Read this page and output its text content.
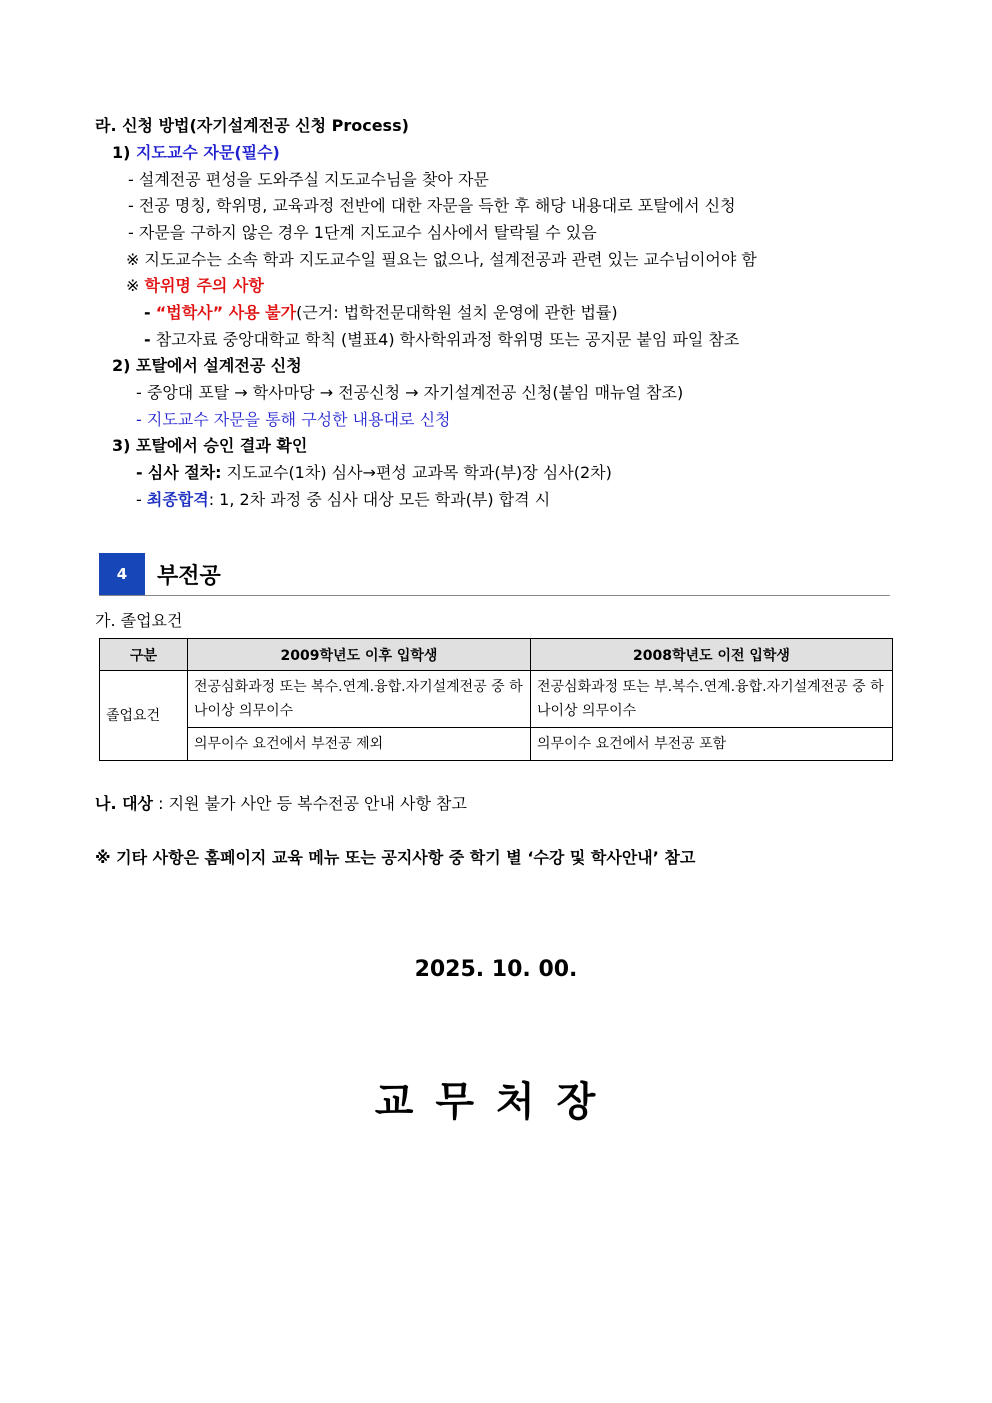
라. 신청 방법(자기설계전공 신청 Process)
1) 지도교수 자문(필수)
- 설계전공 편성을 도와주실 지도교수님을 찾아 자문
- 전공 명칭, 학위명, 교육과정 전반에 대한 자문을 득한 후 해당 내용대로 포탈에서 신청
- 자문을 구하지 않은 경우 1단계 지도교수 심사에서 탈락될 수 있음
※ 지도교수는 소속 학과 지도교수일 필요는 없으나, 설계전공과 관련 있는 교수님이어야 함
※ 학위명 주의 사항
- “법학사” 사용 불가(근거: 법학전문대학원 설치 운영에 관한 법률)
- 참고자료 중앙대학교 학칙 (별표4) 학사학위과정 학위명 또는 공지문 붙임 파일 참조
2) 포탈에서 설계전공 신청
- 중앙대 포탈 → 학사마당 → 전공신청 → 자기설계전공 신청(붙임 매뉴얼 참조)
- 지도교수 자문을 통해 구성한 내용대로 신청
3) 포탈에서 승인 결과 확인
- 심사 절차: 지도교수(1차) 심사→편성 교과목 학과(부)장 심사(2차)
- 최종합격: 1, 2차 과정 중 심사 대상 모든 학과(부) 합격 시
4	부전공
가. 졸업요건
구분	2009학년도 이후 입학생	2008학년도 이전 입학생
졸업요건	전공심화과정 또는 복수.연계.융합.자기설계전공 중 하나이상 의무이수	전공심화과정 또는 부.복수.연계.융합.자기설계전공 중 하나이상 의무이수
	의무이수 요건에서 부전공 제외	의무이수 요건에서 부전공 포함
나. 대상 : 지원 불가 사안 등 복수전공 안내 사항 참고
※ 기타 사항은 홈페이지 교육 메뉴 또는 공지사항 중 학기 별 ‘수강 및 학사안내’ 참고
2025. 10. 00.
교무처장
